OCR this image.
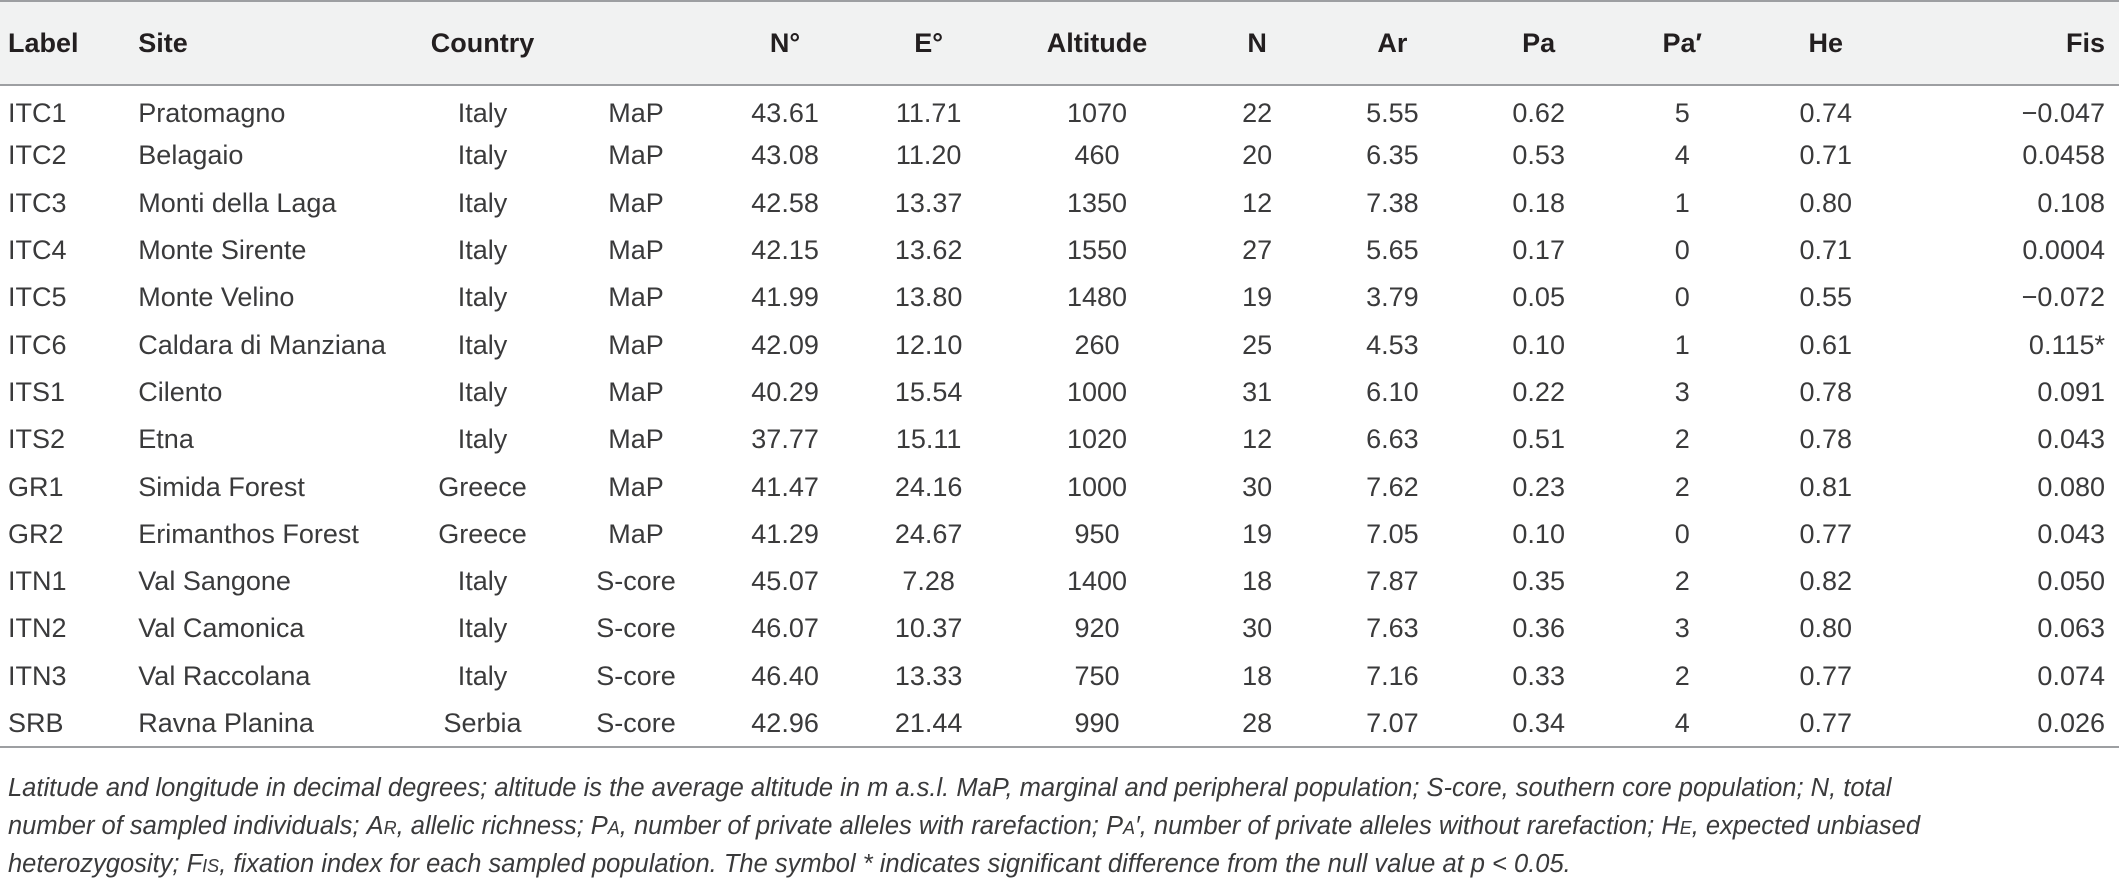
Label	Site	Country		N°	E°	Altitude	N	Ar	Pa	Pa′	He	Fis
ITC1	Pratomagno	Italy	MaP	43.61	11.71	1070	22	5.55	0.62	5	0.74	−0.047
ITC2	Belagaio	Italy	MaP	43.08	11.20	460	20	6.35	0.53	4	0.71	0.0458
ITC3	Monti della Laga	Italy	MaP	42.58	13.37	1350	12	7.38	0.18	1	0.80	0.108
ITC4	Monte Sirente	Italy	MaP	42.15	13.62	1550	27	5.65	0.17	0	0.71	0.0004
ITC5	Monte Velino	Italy	MaP	41.99	13.80	1480	19	3.79	0.05	0	0.55	−0.072
ITC6	Caldara di Manziana	Italy	MaP	42.09	12.10	260	25	4.53	0.10	1	0.61	0.115*
ITS1	Cilento	Italy	MaP	40.29	15.54	1000	31	6.10	0.22	3	0.78	0.091
ITS2	Etna	Italy	MaP	37.77	15.11	1020	12	6.63	0.51	2	0.78	0.043
GR1	Simida Forest	Greece	MaP	41.47	24.16	1000	30	7.62	0.23	2	0.81	0.080
GR2	Erimanthos Forest	Greece	MaP	41.29	24.67	950	19	7.05	0.10	0	0.77	0.043
ITN1	Val Sangone	Italy	S-core	45.07	7.28	1400	18	7.87	0.35	2	0.82	0.050
ITN2	Val Camonica	Italy	S-core	46.07	10.37	920	30	7.63	0.36	3	0.80	0.063
ITN3	Val Raccolana	Italy	S-core	46.40	13.33	750	18	7.16	0.33	2	0.77	0.074
SRB	Ravna Planina	Serbia	S-core	42.96	21.44	990	28	7.07	0.34	4	0.77	0.026
Latitude and longitude in decimal degrees; altitude is the average altitude in m a.s.l. MaP, marginal and peripheral population; S-core, southern core population; N, total
number of sampled individuals; Ar, allelic richness; Pa, number of private alleles with rarefaction; Pa′, number of private alleles without rarefaction; He, expected unbiased
heterozygosity; Fis, fixation index for each sampled population. The symbol * indicates significant difference from the null value at p < 0.05.
